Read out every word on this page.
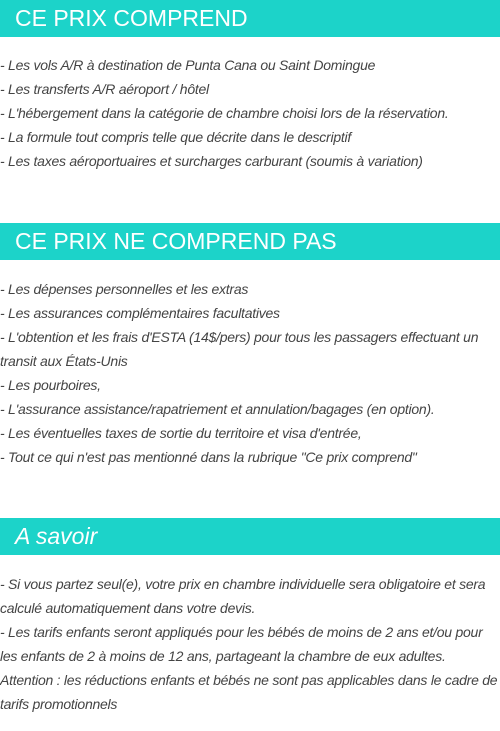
CE PRIX COMPREND
- Les vols A/R à destination de Punta Cana ou Saint Domingue
- Les transferts A/R aéroport / hôtel
- L'hébergement dans la catégorie de chambre choisi lors de la réservation.
- La formule tout compris telle que décrite dans le descriptif
- Les taxes aéroportuaires et surcharges carburant (soumis à variation)
CE PRIX NE COMPREND PAS
- Les dépenses personnelles et les extras
- Les assurances complémentaires facultatives
- L'obtention et les frais d'ESTA (14$/pers) pour tous les passagers effectuant un transit aux États-Unis
- Les pourboires,
- L'assurance assistance/rapatriement et annulation/bagages (en option).
- Les éventuelles taxes de sortie du territoire et visa d'entrée,
- Tout ce qui n'est pas mentionné dans la rubrique "Ce prix comprend"
A savoir

- Si vous partez seul(e), votre prix en chambre individuelle sera obligatoire et sera calculé automatiquement dans votre devis.

- Les tarifs enfants seront appliqués pour les bébés de moins de 2 ans et/ou pour les enfants de 2 à moins de 12 ans, partageant la chambre de eux adultes.

Attention : les réductions enfants et bébés ne sont pas applicables dans le cadre de tarifs promotionnels
